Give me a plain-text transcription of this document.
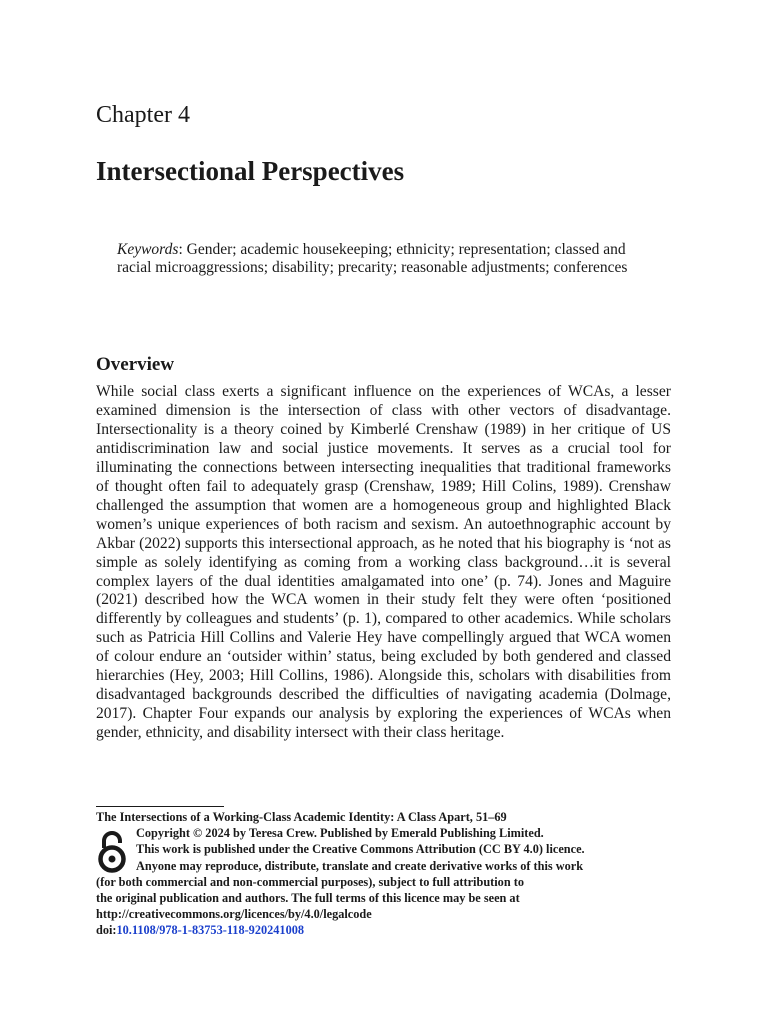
Chapter 4
Intersectional Perspectives

Keywords: Gender; academic housekeeping; ethnicity; representation; classed and racial microaggressions; disability; precarity; reasonable adjustments; conferences

Overview

While social class exerts a significant influence on the experiences of WCAs, a lesser examined dimension is the intersection of class with other vectors of disadvantage. Intersectionality is a theory coined by Kimberlé Crenshaw (1989) in her critique of US antidiscrimination law and social justice movements. It serves as a crucial tool for illuminating the connections between intersecting inequalities that traditional frameworks of thought often fail to adequately grasp (Crenshaw, 1989; Hill Colins, 1989). Crenshaw challenged the assumption that women are a homogeneous group and highlighted Black women’s unique experiences of both racism and sexism. An autoethnographic account by Akbar (2022) supports this intersectional approach, as he noted that his biography is ‘not as simple as solely identifying as coming from a working class background…it is several complex layers of the dual identities amalgamated into one’ (p. 74). Jones and Maguire (2021) described how the WCA women in their study felt they were often ‘positioned differently by colleagues and students’ (p. 1), compared to other academics. While scholars such as Patricia Hill Collins and Valerie Hey have compellingly argued that WCA women of colour endure an ‘outsider within’ status, being excluded by both gendered and classed hierarchies (Hey, 2003; Hill Collins, 1986). Alongside this, scholars with disabilities from disadvantaged backgrounds described the difficulties of navigating academia (Dolmage, 2017). Chapter Four expands our analysis by exploring the experiences of WCAs when gender, ethnicity, and disability intersect with their class heritage.

The Intersections of a Working-Class Academic Identity: A Class Apart, 51–69
Copyright © 2024 by Teresa Crew. Published by Emerald Publishing Limited.
This work is published under the Creative Commons Attribution (CC BY 4.0) licence.
Anyone may reproduce, distribute, translate and create derivative works of this work
(for both commercial and non-commercial purposes), subject to full attribution to
the original publication and authors. The full terms of this licence may be seen at
http://creativecommons.org/licences/by/4.0/legalcode
doi:10.1108/978-1-83753-118-920241008
